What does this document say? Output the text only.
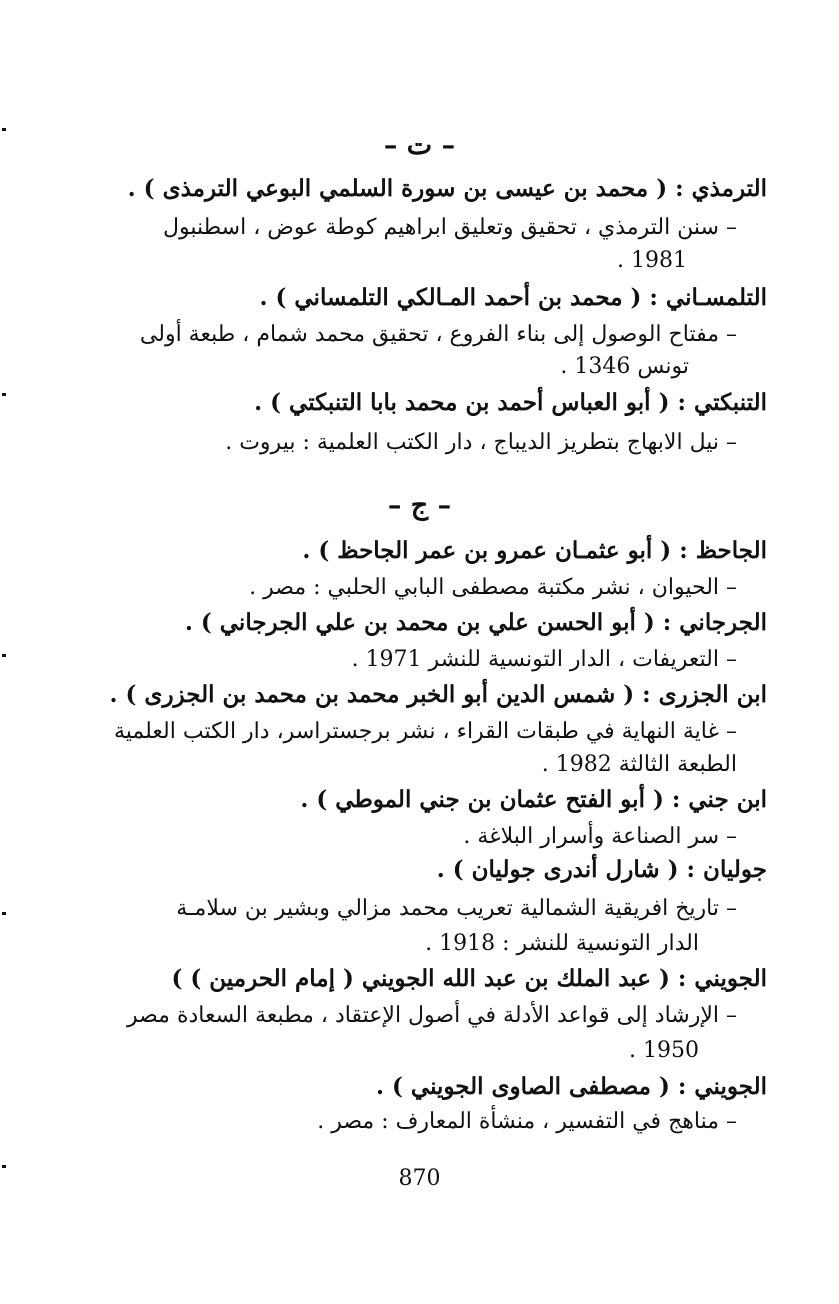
– ت –
الترمذي : ( محمد بن عيسى بن سورة السلمي البوعي الترمذى ) .
– سنن الترمذي ، تحقيق وتعليق ابراهيم كوطة عوض ، اسطنبول
1981 .
التلمسـاني : ( محمد بن أحمد المـالكي التلمساني ) .
– مفتاح الوصول إلى بناء الفروع ، تحقيق محمد شمام ، طبعة أولى
تونس 1346 .
التنبكتي : ( أبو العباس أحمد بن محمد بابا التنبكتي ) .
– نيل الابهاج بتطريز الديباج ، دار الكتب العلمية : بيروت .
– ج –
الجاحظ : ( أبو عثمـان عمرو بن عمر الجاحظ ) .
– الحيوان ، نشر مكتبة مصطفى البابي الحلبي : مصر .
الجرجاني : ( أبو الحسن علي بن محمد بن علي الجرجاني ) .
– التعريفات ، الدار التونسية للنشر 1971 .
ابن الجزرى : ( شمس الدين أبو الخبر محمد بن محمد بن الجزرى ) .
– غاية النهاية في طبقات القراء ، نشر برجستراسر، دار الكتب العلمية
الطبعة الثالثة 1982 .
ابن جني : ( أبو الفتح عثمان بن جني الموطي ) .
– سر الصناعة وأسرار البلاغة .
جوليان : ( شارل أندرى جوليان ) .
– تاريخ افريقية الشمالية تعريب محمد مزالي وبشير بن سلامـة
الدار التونسية للنشر : 1918 .
الجويني : ( عبد الملك بن عبد الله الجويني ( إمام الحرمين ) )
– الإرشاد إلى قواعد الأدلة في أصول الإعتقاد ، مطبعة السعادة مصر
1950 .
الجويني : ( مصطفى الصاوى الجويني ) .
– مناهج في التفسير ، منشأة المعارف : مصر .
870
